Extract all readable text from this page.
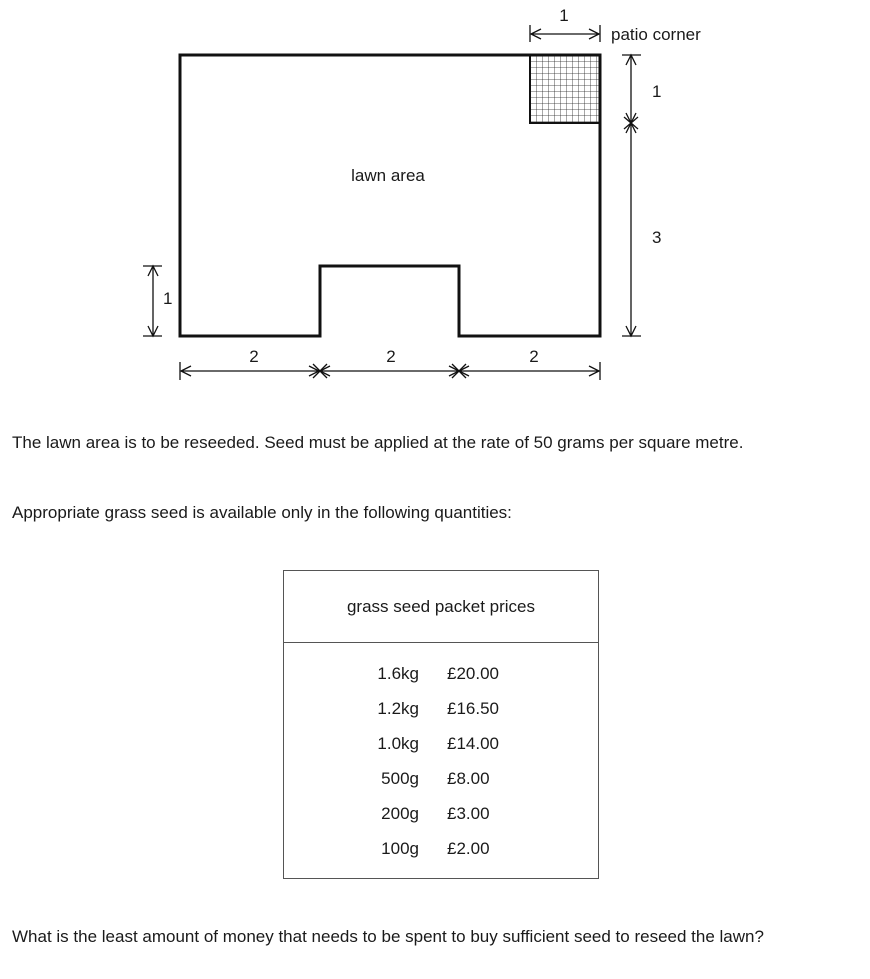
lawn area
1
patio corner
1
3
1
2	2	2

The lawn area is to be reseeded. Seed must be applied at the rate of 50 grams per square metre.

Appropriate grass seed is available only in the following quantities:

grass seed packet prices
1.6kg	£20.00
1.2kg	£16.50
1.0kg	£14.00
500g	£8.00
200g	£3.00
100g	£2.00

What is the least amount of money that needs to be spent to buy sufficient seed to reseed the lawn?
